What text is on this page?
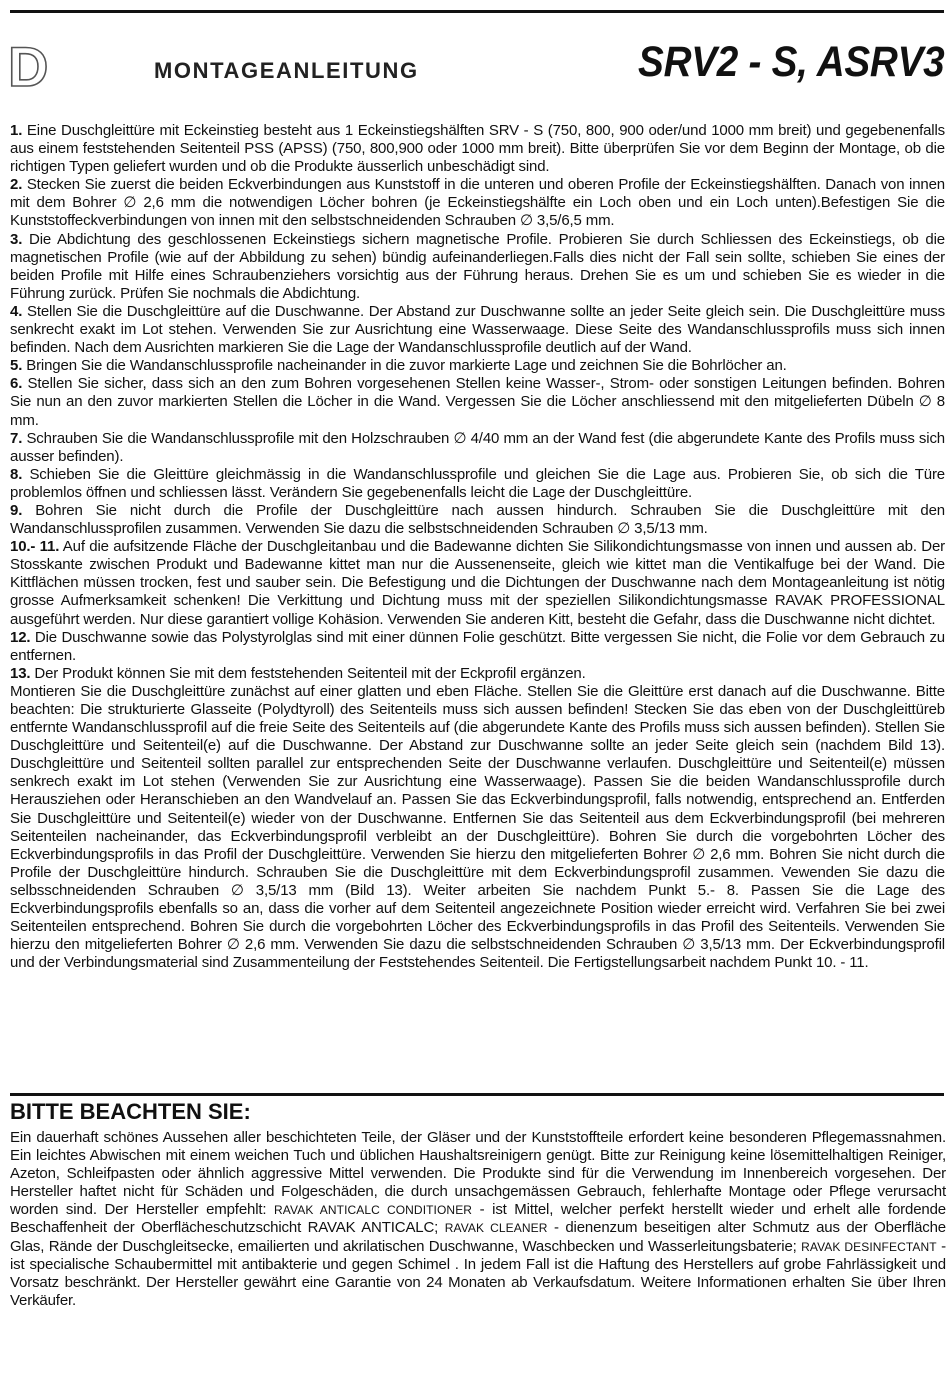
D	MONTAGEANLEITUNG	SRV2 - S, ASRV3

1. Eine Duschgleittüre mit Eckeinstieg besteht aus 1 Eckeinstiegshälften SRV - S (750, 800, 900 oder/und 1000 mm breit) und gegebenenfalls aus einem feststehenden Seitenteil PSS (APSS) (750, 800,900 oder 1000 mm breit). Bitte überprüfen Sie vor dem Beginn der Montage, ob die richtigen Typen geliefert wurden und ob die Produkte äusserlich unbeschädigt sind.

2. Stecken Sie zuerst die beiden Eckverbindungen aus Kunststoff in die unteren und oberen Profile der Eckeinstiegshälften. Danach von innen mit dem Bohrer ∅ 2,6 mm die notwendigen Löcher bohren (je Eckeinstiegshälfte ein Loch oben und ein Loch unten).Befestigen Sie die Kunststoffeckverbindungen von innen mit den selbstschneidenden Schrauben ∅ 3,5/6,5 mm.

3. Die Abdichtung des geschlossenen Eckeinstiegs sichern magnetische Profile. Probieren Sie durch Schliessen des Eckeinstiegs, ob die magnetischen Profile (wie auf der Abbildung zu sehen) bündig aufeinanderliegen.Falls dies nicht der Fall sein sollte, schieben Sie eines der beiden Profile mit Hilfe eines Schraubenziehers vorsichtig aus der Führung heraus. Drehen Sie es um und schieben Sie es wieder in die Führung zurück. Prüfen Sie nochmals die Abdichtung.

4. Stellen Sie die Duschgleittüre auf die Duschwanne. Der Abstand zur Duschwanne sollte an jeder Seite gleich sein. Die Duschgleittüre muss senkrecht exakt im Lot stehen. Verwenden Sie zur Ausrichtung eine Wasserwaage. Diese Seite des Wandanschlussprofils muss sich innen befinden. Nach dem Ausrichten markieren Sie die Lage der Wandanschlussprofile deutlich auf der Wand.

5. Bringen Sie die Wandanschlussprofile nacheinander in die zuvor markierte Lage und zeichnen Sie die Bohrlöcher an.

6. Stellen Sie sicher, dass sich an den zum Bohren vorgesehenen Stellen keine Wasser-, Strom- oder sonstigen Leitungen befinden. Bohren Sie nun an den zuvor markierten Stellen die Löcher in die Wand. Vergessen Sie die Löcher anschliessend mit den mitgelieferten Dübeln ∅ 8 mm.

7. Schrauben Sie die Wandanschlussprofile mit den Holzschrauben ∅ 4/40 mm an der Wand fest (die abgerundete Kante des Profils muss sich ausser befinden).

8. Schieben Sie die Gleittüre gleichmässig in die Wandanschlussprofile und gleichen Sie die Lage aus. Probieren Sie, ob sich die Türe problemlos öffnen und schliessen lässt. Verändern Sie gegebenenfalls leicht die Lage der Duschgleittüre.

9. Bohren Sie nicht durch die Profile der Duschgleittüre nach aussen hindurch. Schrauben Sie die Duschgleittüre mit den Wandanschlussprofilen zusammen. Verwenden Sie dazu die selbstschneidenden Schrauben ∅ 3,5/13 mm.

10.- 11. Auf die aufsitzende Fläche der Duschgleitanbau und die Badewanne dichten Sie Silikondichtungsmasse von innen und aussen ab. Der Stosskante zwischen Produkt und Badewanne kittet man nur die Aussenenseite, gleich wie kittet man die Ventikalfuge bei der Wand. Die Kittflächen müssen trocken, fest und sauber sein. Die Befestigung und die Dichtungen der Duschwanne nach dem Montageanleitung ist nötig grosse Aufmerksamkeit schenken! Die Verkittung und Dichtung muss mit der speziellen Silikondichtungsmasse RAVAK PROFESSIONAL ausgeführt werden. Nur diese garantiert vollige Kohäsion. Verwenden Sie anderen Kitt, besteht die Gefahr, dass die Duschwanne nicht dichtet.

12. Die Duschwanne sowie das Polystyrolglas sind mit einer dünnen Folie geschützt. Bitte vergessen Sie nicht, die Folie vor dem Gebrauch zu entfernen.

13. Der Produkt können Sie mit dem feststehenden Seitenteil mit der Eckprofil ergänzen.

Montieren Sie die Duschgleittüre zunächst auf einer glatten und eben Fläche. Stellen Sie die Gleittüre erst danach auf die Duschwanne. Bitte beachten: Die strukturierte Glasseite (Polydtyroll) des Seitenteils muss sich aussen befinden! Stecken Sie das eben von der Duschgleittüreb entfernte Wandanschlussprofil auf die freie Seite des Seitenteils auf (die abgerundete Kante des Profils muss sich aussen befinden). Stellen Sie Duschgleittüre und Seitenteil(e) auf die Duschwanne. Der Abstand zur Duschwanne sollte an jeder Seite gleich sein (nachdem Bild 13). Duschgleittüre und Seitenteil sollten parallel zur entsprechenden Seite der Duschwanne verlaufen. Duschgleittüre und Seitenteil(e) müssen senkrech exakt im Lot stehen (Verwenden Sie zur Ausrichtung eine Wasserwaage). Passen Sie die beiden Wandanschlussprofile durch Herausziehen oder Heranschieben an den Wandvelauf an. Passen Sie das Eckverbindungsprofil, falls notwendig, entsprechend an. Entferden Sie Duschgleittüre und Seitenteil(e) wieder von der Duschwanne. Entfernen Sie das Seitenteil aus dem Eckverbindungsprofil (bei mehreren Seitenteilen nacheinander, das Eckverbindungsprofil verbleibt an der Duschgleittüre). Bohren Sie durch die vorgebohrten Löcher des Eckverbindungsprofils in das Profil der Duschgleittüre. Verwenden Sie hierzu den mitgelieferten Bohrer ∅ 2,6 mm. Bohren Sie nicht durch die Profile der Duschgleittüre hindurch. Schrauben Sie die Duschgleittüre mit dem Eckverbindungsprofil zusammen. Vewenden Sie dazu die selbsschneidenden Schrauben ∅ 3,5/13 mm (Bild 13). Weiter arbeiten Sie nachdem Punkt 5.- 8. Passen Sie die Lage des Eckverbindungsprofils ebenfalls so an, dass die vorher auf dem Seitenteil angezeichnete Position wieder erreicht wird. Verfahren Sie bei zwei Seitenteilen entsprechend. Bohren Sie durch die vorgebohrten Löcher des Eckverbindungsprofils in das Profil des Seitenteils. Verwenden Sie hierzu den mitgelieferten Bohrer ∅ 2,6 mm. Verwenden Sie dazu die selbstschneidenden Schrauben ∅ 3,5/13 mm. Der Eckverbindungsprofil und der Verbindungsmaterial sind Zusammenteilung der Feststehendes Seitenteil. Die Fertigstellungsarbeit nachdem Punkt 10. - 11.

BITTE BEACHTEN SIE:
Ein dauerhaft schönes Aussehen aller beschichteten Teile, der Gläser und der Kunststoffteile erfordert keine besonderen Pflegemassnahmen. Ein leichtes Abwischen mit einem weichen Tuch und üblichen Haushaltsreinigern genügt. Bitte zur Reinigung keine lösemittelhaltigen Reiniger, Azeton, Schleifpasten oder ähnlich aggressive Mittel verwenden. Die Produkte sind für die Verwendung im Innenbereich vorgesehen. Der Hersteller haftet nicht für Schäden und Folgeschäden, die durch unsachgemässen Gebrauch, fehlerhafte Montage oder Pflege verursacht worden sind. Der Hersteller empfehlt: RAVAK ANTICALC CONDITIONER - ist Mittel, welcher perfekt herstellt wieder und erhelt alle fordende Beschaffenheit der Oberflächeschutzschicht RAVAK ANTICALC; RAVAK CLEANER - dienenzum beseitigen alter Schmutz aus der Oberfläche Glas, Rände der Duschgleitsecke, emailierten und akrilatischen Duschwanne, Waschbecken und Wasserleitungsbaterie; RAVAK DESINFECTANT - ist specialische Schaubermittel mit antibakterie und gegen Schimel . In jedem Fall ist die Haftung des Herstellers auf grobe Fahrlässigkeit und Vorsatz beschränkt. Der Hersteller gewährt eine Garantie von 24 Monaten ab Verkaufsdatum. Weitere Informationen erhalten Sie über Ihren Verkäufer.
